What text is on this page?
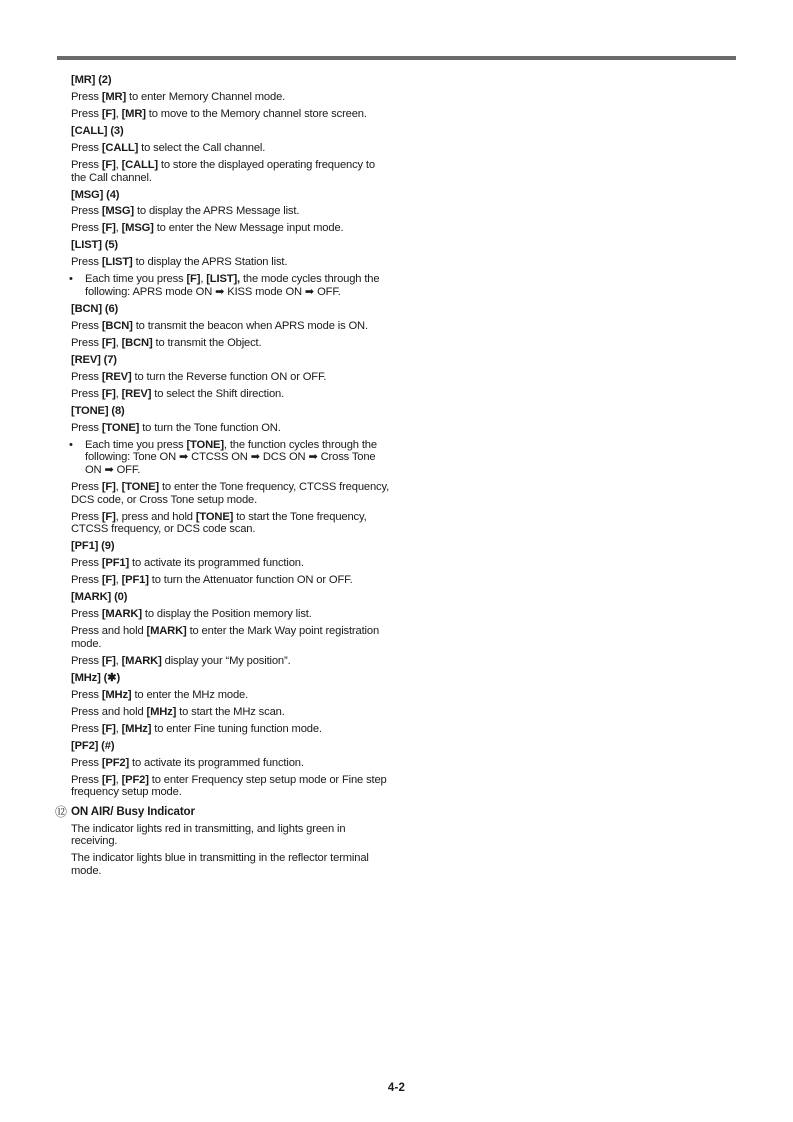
[MR] (2)
Press [MR] to enter Memory Channel mode.
Press [F], [MR] to move to the Memory channel store screen.
[CALL] (3)
Press [CALL] to select the Call channel.
Press [F], [CALL] to store the displayed operating frequency to the Call channel.
[MSG] (4)
Press [MSG] to display the APRS Message list.
Press [F], [MSG] to enter the New Message input mode.
[LIST] (5)
Press [LIST] to display the APRS Station list.
• Each time you press [F], [LIST], the mode cycles through the following: APRS mode ON ➡ KISS mode ON ➡ OFF.
[BCN] (6)
Press [BCN] to transmit the beacon when APRS mode is ON.
Press [F], [BCN] to transmit the Object.
[REV] (7)
Press [REV] to turn the Reverse function ON or OFF.
Press [F], [REV] to select the Shift direction.
[TONE] (8)
Press [TONE] to turn the Tone function ON.
• Each time you press [TONE], the function cycles through the following: Tone ON ➡ CTCSS ON ➡ DCS ON ➡ Cross Tone ON ➡ OFF.
Press [F], [TONE] to enter the Tone frequency, CTCSS frequency, DCS code, or Cross Tone setup mode.
Press [F], press and hold [TONE] to start the Tone frequency, CTCSS frequency, or DCS code scan.
[PF1] (9)
Press [PF1] to activate its programmed function.
Press [F], [PF1] to turn the Attenuator function ON or OFF.
[MARK] (0)
Press [MARK] to display the Position memory list.
Press and hold [MARK] to enter the Mark Way point registration mode.
Press [F], [MARK] display your “My position”.
[MHz] (✱)
Press [MHz] to enter the MHz mode.
Press and hold [MHz] to start the MHz scan.
Press [F], [MHz] to enter Fine tuning function mode.
[PF2] (#)
Press [PF2] to activate its programmed function.
Press [F], [PF2] to enter Frequency step setup mode or Fine step frequency setup mode.
⑫ ON AIR/ Busy Indicator
The indicator lights red in transmitting, and lights green in receiving.
The indicator lights blue in transmitting in the reflector terminal mode.
4-2
